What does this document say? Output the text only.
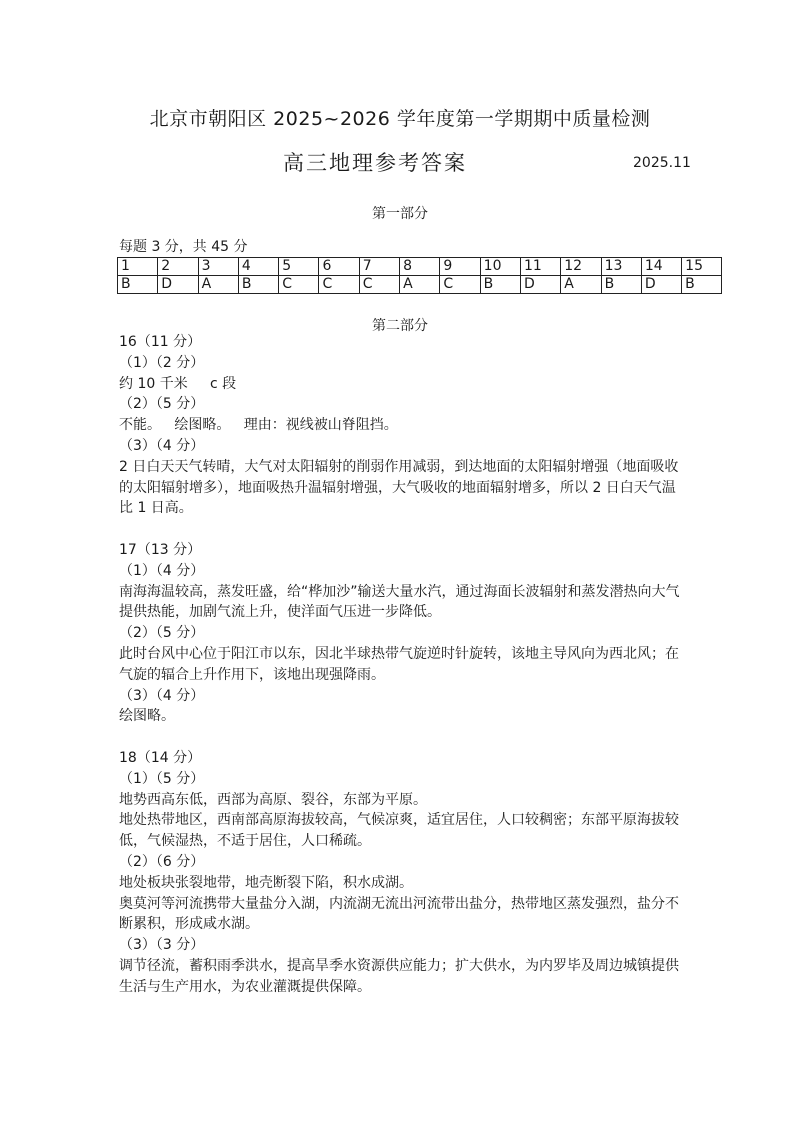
北京市朝阳区 2025~2026 学年度第一学期期中质量检测
高三地理参考答案	2025.11
第一部分
每题 3 分，共 45 分
1	2	3	4	5	6	7	8	9	10	11	12	13	14	15
B	D	A	B	C	C	C	A	C	B	D	A	B	D	B
第二部分
16（11 分）
（1）（2 分）
约 10 千米     c 段
（2）（5 分）
不能。   绘图略。   理由：视线被山脊阻挡。
（3）（4 分）
2 日白天天气转晴，大气对太阳辐射的削弱作用减弱，到达地面的太阳辐射增强（地面吸收的太阳辐射增多），地面吸热升温辐射增强，大气吸收的地面辐射增多，所以 2 日白天气温比 1 日高。
17（13 分）
（1）（4 分）
南海海温较高，蒸发旺盛，给“桦加沙”输送大量水汽，通过海面长波辐射和蒸发潜热向大气提供热能，加剧气流上升，使洋面气压进一步降低。
（2）（5 分）
此时台风中心位于阳江市以东，因北半球热带气旋逆时针旋转，该地主导风向为西北风；在气旋的辐合上升作用下，该地出现强降雨。
（3）（4 分）
绘图略。
18（14 分）
（1）（5 分）
地势西高东低，西部为高原、裂谷，东部为平原。
地处热带地区，西南部高原海拔较高，气候凉爽，适宜居住，人口较稠密；东部平原海拔较低，气候湿热，不适于居住，人口稀疏。
（2）（6 分）
地处板块张裂地带，地壳断裂下陷，积水成湖。
奥莫河等河流携带大量盐分入湖，内流湖无流出河流带出盐分，热带地区蒸发强烈，盐分不断累积，形成咸水湖。
（3）（3 分）
调节径流，蓄积雨季洪水，提高旱季水资源供应能力；扩大供水，为内罗毕及周边城镇提供生活与生产用水，为农业灌溉提供保障。
